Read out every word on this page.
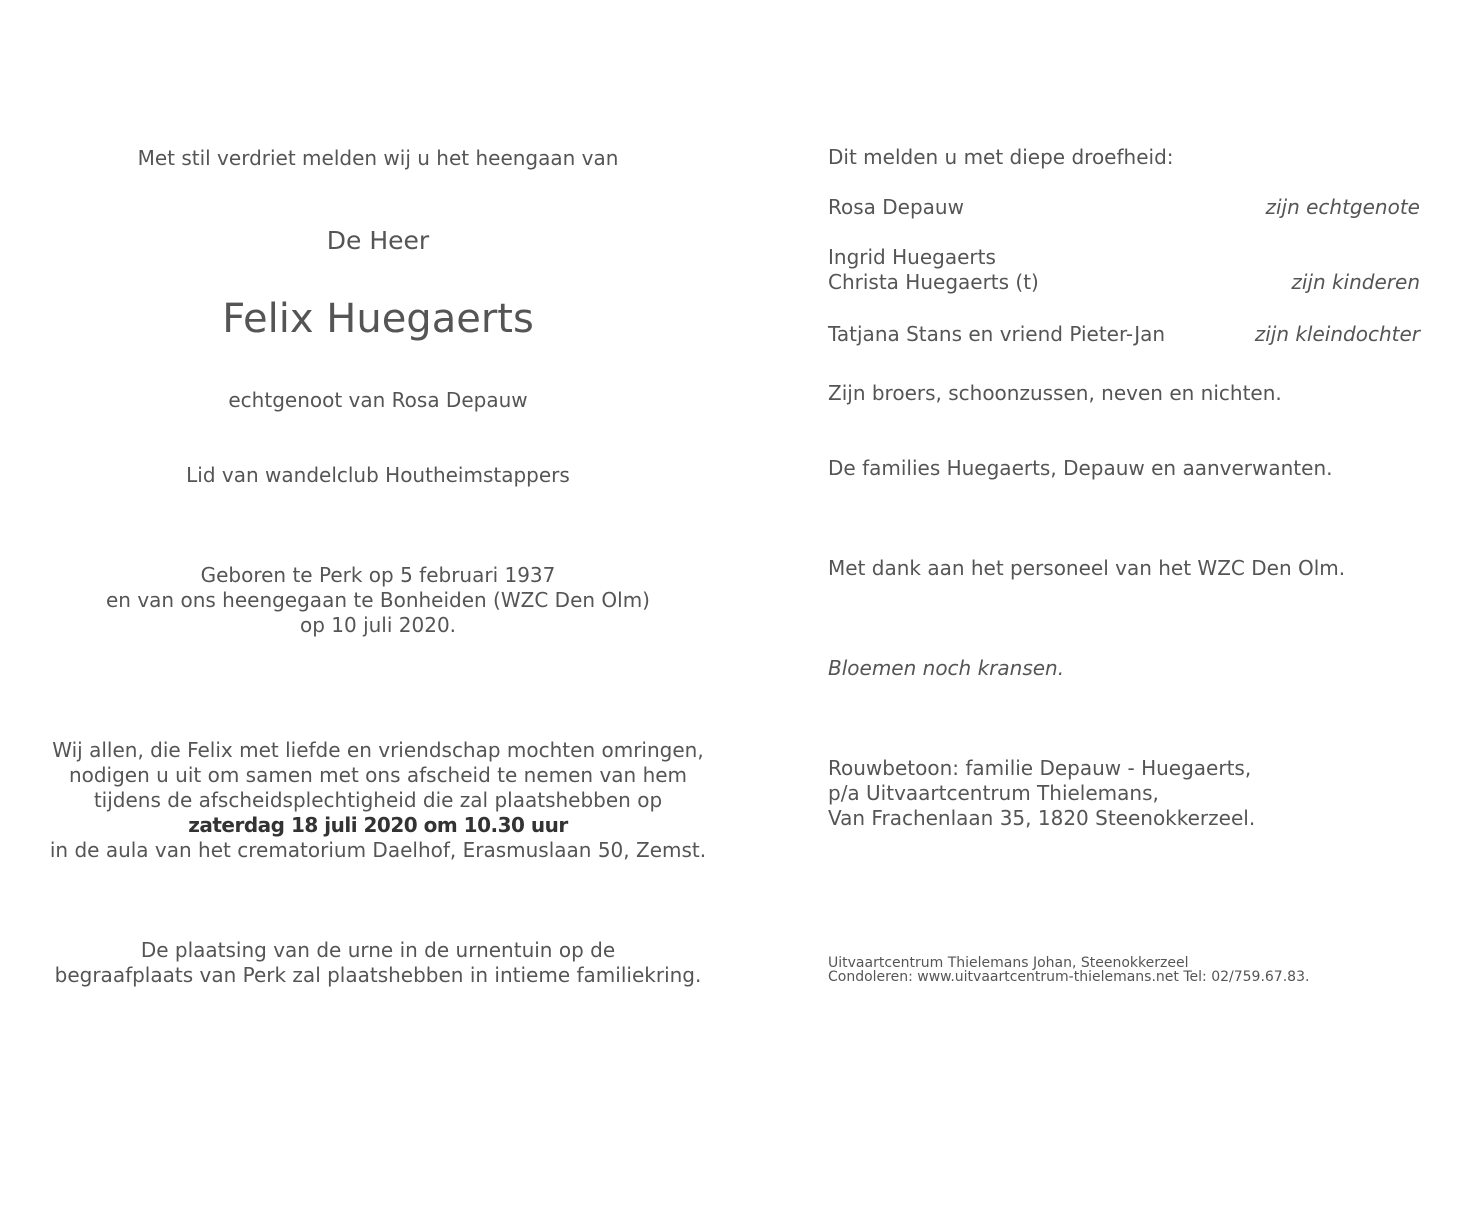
Met stil verdriet melden wij u het heengaan van
De Heer
Felix Huegaerts
echtgenoot van Rosa Depauw
Lid van wandelclub Houtheimstappers
Geboren te Perk op 5 februari 1937
en van ons heengegaan te Bonheiden (WZC Den Olm)
op 10 juli 2020.
Wij allen, die Felix met liefde en vriendschap mochten omringen,
nodigen u uit om samen met ons afscheid te nemen van hem
tijdens de afscheidsplechtigheid die zal plaatshebben op
zaterdag 18 juli 2020 om 10.30 uur
in de aula van het crematorium Daelhof, Erasmuslaan 50, Zemst.
De plaatsing van de urne in de urnentuin op de
begraafplaats van Perk zal plaatshebben in intieme familiekring.
Dit melden u met diepe droefheid:
Rosa Depauw	zijn echtgenote
Ingrid Huegaerts
Christa Huegaerts (t)	zijn kinderen
Tatjana Stans en vriend Pieter-Jan	zijn kleindochter
Zijn broers, schoonzussen, neven en nichten.
De families Huegaerts, Depauw en aanverwanten.
Met dank aan het personeel van het WZC Den Olm.
Bloemen noch kransen.
Rouwbetoon: familie Depauw - Huegaerts,
p/a Uitvaartcentrum Thielemans,
Van Frachenlaan 35, 1820 Steenokkerzeel.
Uitvaartcentrum Thielemans Johan, Steenokkerzeel
Condoleren: www.uitvaartcentrum-thielemans.net Tel: 02/759.67.83.
